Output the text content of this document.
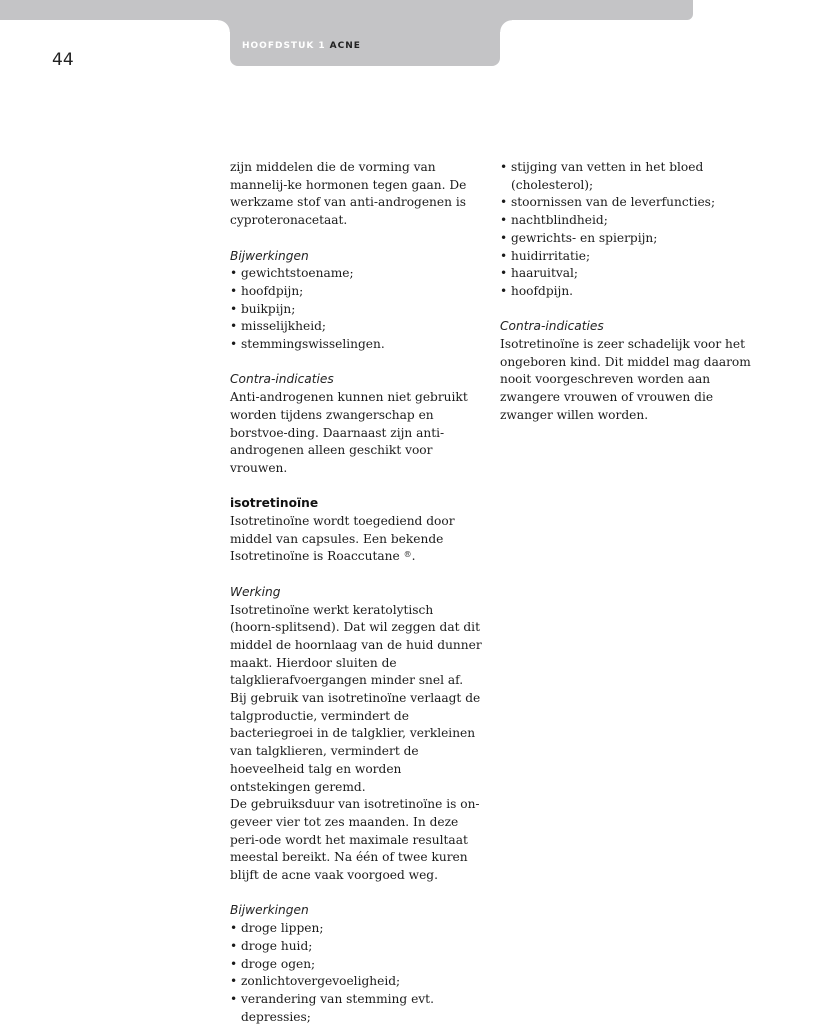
HOOFDSTUK 1 ACNE
44

zijn middelen die de vorming van mannelij-ke hormonen tegen gaan. De werkzame stof van anti-androgenen is cyproteronacetaat.

Bijwerkingen
• gewichtstoename;
• hoofdpijn;
• buikpijn;
• misselijkheid;
• stemmingswisselingen.
Contra-indicaties

Anti-androgenen kunnen niet gebruikt worden tijdens zwangerschap en borstvoe-ding. Daarnaast zijn anti-androgenen alleen geschikt voor vrouwen.

isotretinoïne

Isotretinoïne wordt toegediend door middel van capsules. Een bekende Isotretinoïne is Roaccutane ®.

Werking

Isotretinoïne werkt keratolytisch (hoorn-splitsend). Dat wil zeggen dat dit middel de hoornlaag van de huid dunner maakt. Hierdoor sluiten de talgklierafvoergangen minder snel af. Bij gebruik van isotretinoïne verlaagt de talgproductie, vermindert de bacteriegroei in de talgklier, verkleinen van talgklieren, vermindert de hoeveelheid talg en worden ontstekingen geremd.

De gebruiksduur van isotretinoïne is on-geveer vier tot zes maanden. In deze peri-ode wordt het maximale resultaat meestal bereikt. Na één of twee kuren blijft de acne vaak voorgoed weg.

Bijwerkingen
• droge lippen;
• droge huid;
• droge ogen;
• zonlichtovergevoeligheid;
• verandering van stemming evt. depressies;
• stijging van vetten in het bloed (cholesterol);
• stoornissen van de leverfuncties;
• nachtblindheid;
• gewrichts- en spierpijn;
• huidirritatie;
• haaruitval;
• hoofdpijn.
Contra-indicaties

Isotretinoïne is zeer schadelijk voor het ongeboren kind. Dit middel mag daarom nooit voorgeschreven worden aan zwangere vrouwen of vrouwen die zwanger willen worden.
